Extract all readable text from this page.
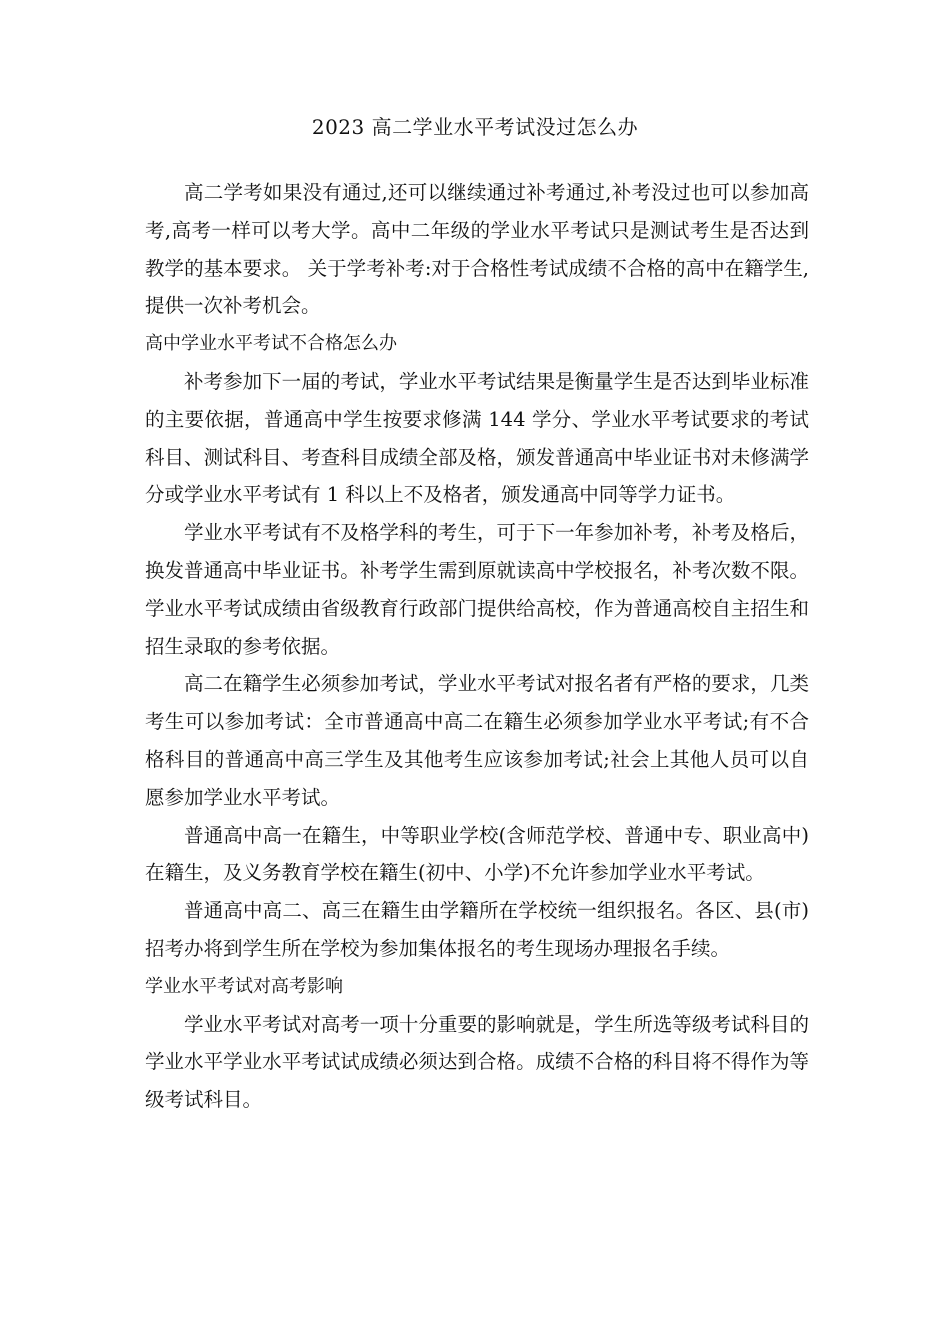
2023 高二学业水平考试没过怎么办

高二学考如果没有通过,还可以继续通过补考通过,补考没过也可以参加高考,高考一样可以考大学。高中二年级的学业水平考试只是测试考生是否达到教学的基本要求。 关于学考补考:对于合格性考试成绩不合格的高中在籍学生,提供一次补考机会。

高中学业水平考试不合格怎么办

补考参加下一届的考试，学业水平考试结果是衡量学生是否达到毕业标准的主要依据，普通高中学生按要求修满 144 学分、学业水平考试要求的考试科目、测试科目、考查科目成绩全部及格，颁发普通高中毕业证书对未修满学分或学业水平考试有 1 科以上不及格者，颁发通高中同等学力证书。

学业水平考试有不及格学科的考生，可于下一年参加补考，补考及格后，换发普通高中毕业证书。补考学生需到原就读高中学校报名，补考次数不限。学业水平考试成绩由省级教育行政部门提供给高校，作为普通高校自主招生和招生录取的参考依据。

高二在籍学生必须参加考试，学业水平考试对报名者有严格的要求，几类考生可以参加考试：全市普通高中高二在籍生必须参加学业水平考试;有不合格科目的普通高中高三学生及其他考生应该参加考试;社会上其他人员可以自愿参加学业水平考试。

普通高中高一在籍生，中等职业学校(含师范学校、普通中专、职业高中)在籍生，及义务教育学校在籍生(初中、小学)不允许参加学业水平考试。

普通高中高二、高三在籍生由学籍所在学校统一组织报名。各区、县(市)招考办将到学生所在学校为参加集体报名的考生现场办理报名手续。

学业水平考试对高考影响

学业水平考试对高考一项十分重要的影响就是，学生所选等级考试科目的学业水平学业水平考试试成绩必须达到合格。成绩不合格的科目将不得作为等级考试科目。
